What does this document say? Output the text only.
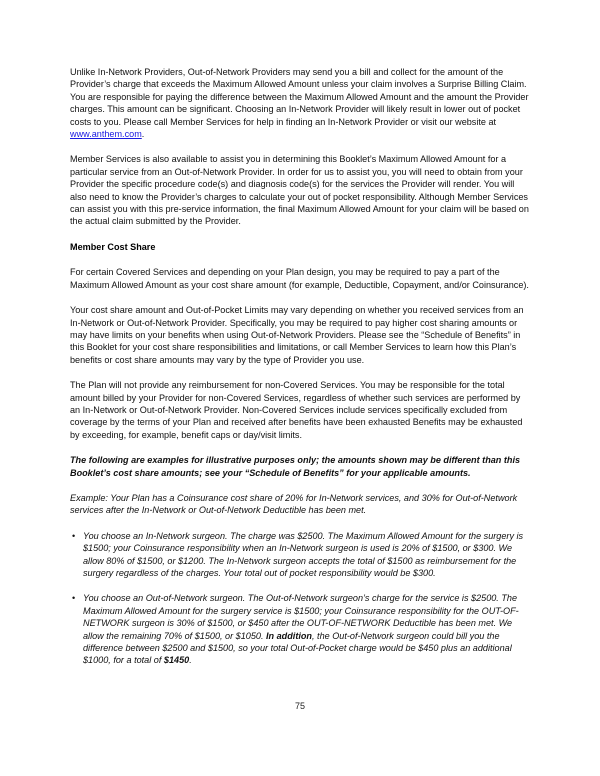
Unlike In-Network Providers, Out-of-Network Providers may send you a bill and collect for the amount of the Provider’s charge that exceeds the Maximum Allowed Amount unless your claim involves a Surprise Billing Claim. You are responsible for paying the difference between the Maximum Allowed Amount and the amount the Provider charges. This amount can be significant. Choosing an In-Network Provider will likely result in lower out of pocket costs to you. Please call Member Services for help in finding an In-Network Provider or visit our website at www.anthem.com.

Member Services is also available to assist you in determining this Booklet’s Maximum Allowed Amount for a particular service from an Out-of-Network Provider. In order for us to assist you, you will need to obtain from your Provider the specific procedure code(s) and diagnosis code(s) for the services the Provider will render. You will also need to know the Provider’s charges to calculate your out of pocket responsibility. Although Member Services can assist you with this pre-service information, the final Maximum Allowed Amount for your claim will be based on the actual claim submitted by the Provider.

Member Cost Share

For certain Covered Services and depending on your Plan design, you may be required to pay a part of the Maximum Allowed Amount as your cost share amount (for example, Deductible, Copayment, and/or Coinsurance).

Your cost share amount and Out-of-Pocket Limits may vary depending on whether you received services from an In-Network or Out-of-Network Provider. Specifically, you may be required to pay higher cost sharing amounts or may have limits on your benefits when using Out-of-Network Providers. Please see the “Schedule of Benefits” in this Booklet for your cost share responsibilities and limitations, or call Member Services to learn how this Plan’s benefits or cost share amounts may vary by the type of Provider you use.

The Plan will not provide any reimbursement for non-Covered Services. You may be responsible for the total amount billed by your Provider for non-Covered Services, regardless of whether such services are performed by an In-Network or Out-of-Network Provider. Non-Covered Services include services specifically excluded from coverage by the terms of your Plan and received after benefits have been exhausted Benefits may be exhausted by exceeding, for example, benefit caps or day/visit limits.

The following are examples for illustrative purposes only; the amounts shown may be different than this Booklet’s cost share amounts; see your “Schedule of Benefits” for your applicable amounts.

Example: Your Plan has a Coinsurance cost share of 20% for In-Network services, and 30% for Out-of-Network services after the In-Network or Out-of-Network Deductible has been met.

• You choose an In-Network surgeon. The charge was $2500. The Maximum Allowed Amount for the surgery is $1500; your Coinsurance responsibility when an In-Network surgeon is used is 20% of $1500, or $300. We allow 80% of $1500, or $1200. The In-Network surgeon accepts the total of $1500 as reimbursement for the surgery regardless of the charges. Your total out of pocket responsibility would be $300.
• You choose an Out-of-Network surgeon. The Out-of-Network surgeon’s charge for the service is $2500. The Maximum Allowed Amount for the surgery service is $1500; your Coinsurance responsibility for the OUT-OF-NETWORK surgeon is 30% of $1500, or $450 after the OUT-OF-NETWORK Deductible has been met. We allow the remaining 70% of $1500, or $1050. In addition, the Out-of-Network surgeon could bill you the difference between $2500 and $1500, so your total Out-of-Pocket charge would be $450 plus an additional $1000, for a total of $1450.
75
